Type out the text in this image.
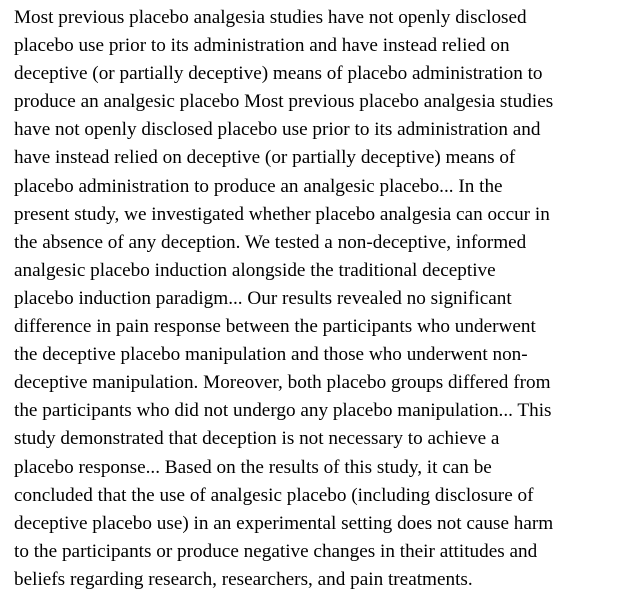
Most previous placebo analgesia studies have not openly disclosed
placebo use prior to its administration and have instead relied on
deceptive (or partially deceptive) means of placebo administration to
produce an analgesic placebo Most previous placebo analgesia studies
have not openly disclosed placebo use prior to its administration and
have instead relied on deceptive (or partially deceptive) means of
placebo administration to produce an analgesic placebo... In the
present study, we investigated whether placebo analgesia can occur in
the absence of any deception. We tested a non-deceptive, informed
analgesic placebo induction alongside the traditional deceptive
placebo induction paradigm... Our results revealed no significant
difference in pain response between the participants who underwent
the deceptive placebo manipulation and those who underwent non-
deceptive manipulation. Moreover, both placebo groups differed from
the participants who did not undergo any placebo manipulation... This
study demonstrated that deception is not necessary to achieve a
placebo response... Based on the results of this study, it can be
concluded that the use of analgesic placebo (including disclosure of
deceptive placebo use) in an experimental setting does not cause harm
to the participants or produce negative changes in their attitudes and
beliefs regarding research, researchers, and pain treatments.
